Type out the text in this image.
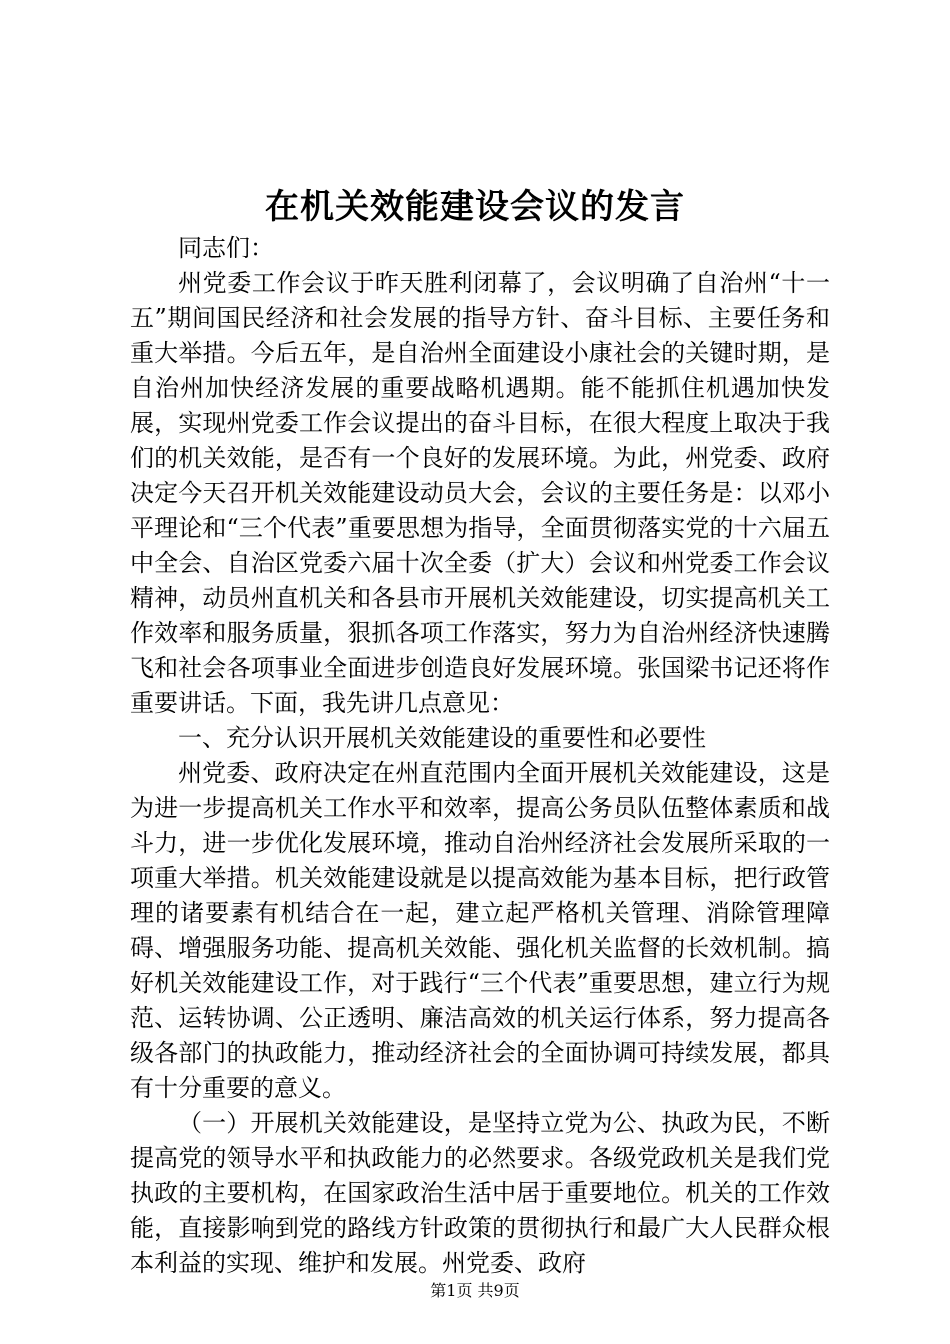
在机关效能建设会议的发言

同志们：

州党委工作会议于昨天胜利闭幕了，会议明确了自治州“十一五”期间国民经济和社会发展的指导方针、奋斗目标、主要任务和重大举措。今后五年，是自治州全面建设小康社会的关键时期，是自治州加快经济发展的重要战略机遇期。能不能抓住机遇加快发展，实现州党委工作会议提出的奋斗目标，在很大程度上取决于我们的机关效能，是否有一个良好的发展环境。为此，州党委、政府决定今天召开机关效能建设动员大会，会议的主要任务是：以邓小平理论和“三个代表”重要思想为指导，全面贯彻落实党的十六届五中全会、自治区党委六届十次全委（扩大）会议和州党委工作会议精神，动员州直机关和各县市开展机关效能建设，切实提高机关工作效率和服务质量，狠抓各项工作落实，努力为自治州经济快速腾飞和社会各项事业全面进步创造良好发展环境。张国梁书记还将作重要讲话。下面，我先讲几点意见：

一、充分认识开展机关效能建设的重要性和必要性

州党委、政府决定在州直范围内全面开展机关效能建设，这是为进一步提高机关工作水平和效率，提高公务员队伍整体素质和战斗力，进一步优化发展环境，推动自治州经济社会发展所采取的一项重大举措。机关效能建设就是以提高效能为基本目标，把行政管理的诸要素有机结合在一起，建立起严格机关管理、消除管理障碍、增强服务功能、提高机关效能、强化机关监督的长效机制。搞好机关效能建设工作，对于践行“三个代表”重要思想，建立行为规范、运转协调、公正透明、廉洁高效的机关运行体系，努力提高各级各部门的执政能力，推动经济社会的全面协调可持续发展，都具有十分重要的意义。

（一）开展机关效能建设，是坚持立党为公、执政为民，不断提高党的领导水平和执政能力的必然要求。各级党政机关是我们党执政的主要机构，在国家政治生活中居于重要地位。机关的工作效能，直接影响到党的路线方针政策的贯彻执行和最广大人民群众根本利益的实现、维护和发展。州党委、政府

第1页 共9页
